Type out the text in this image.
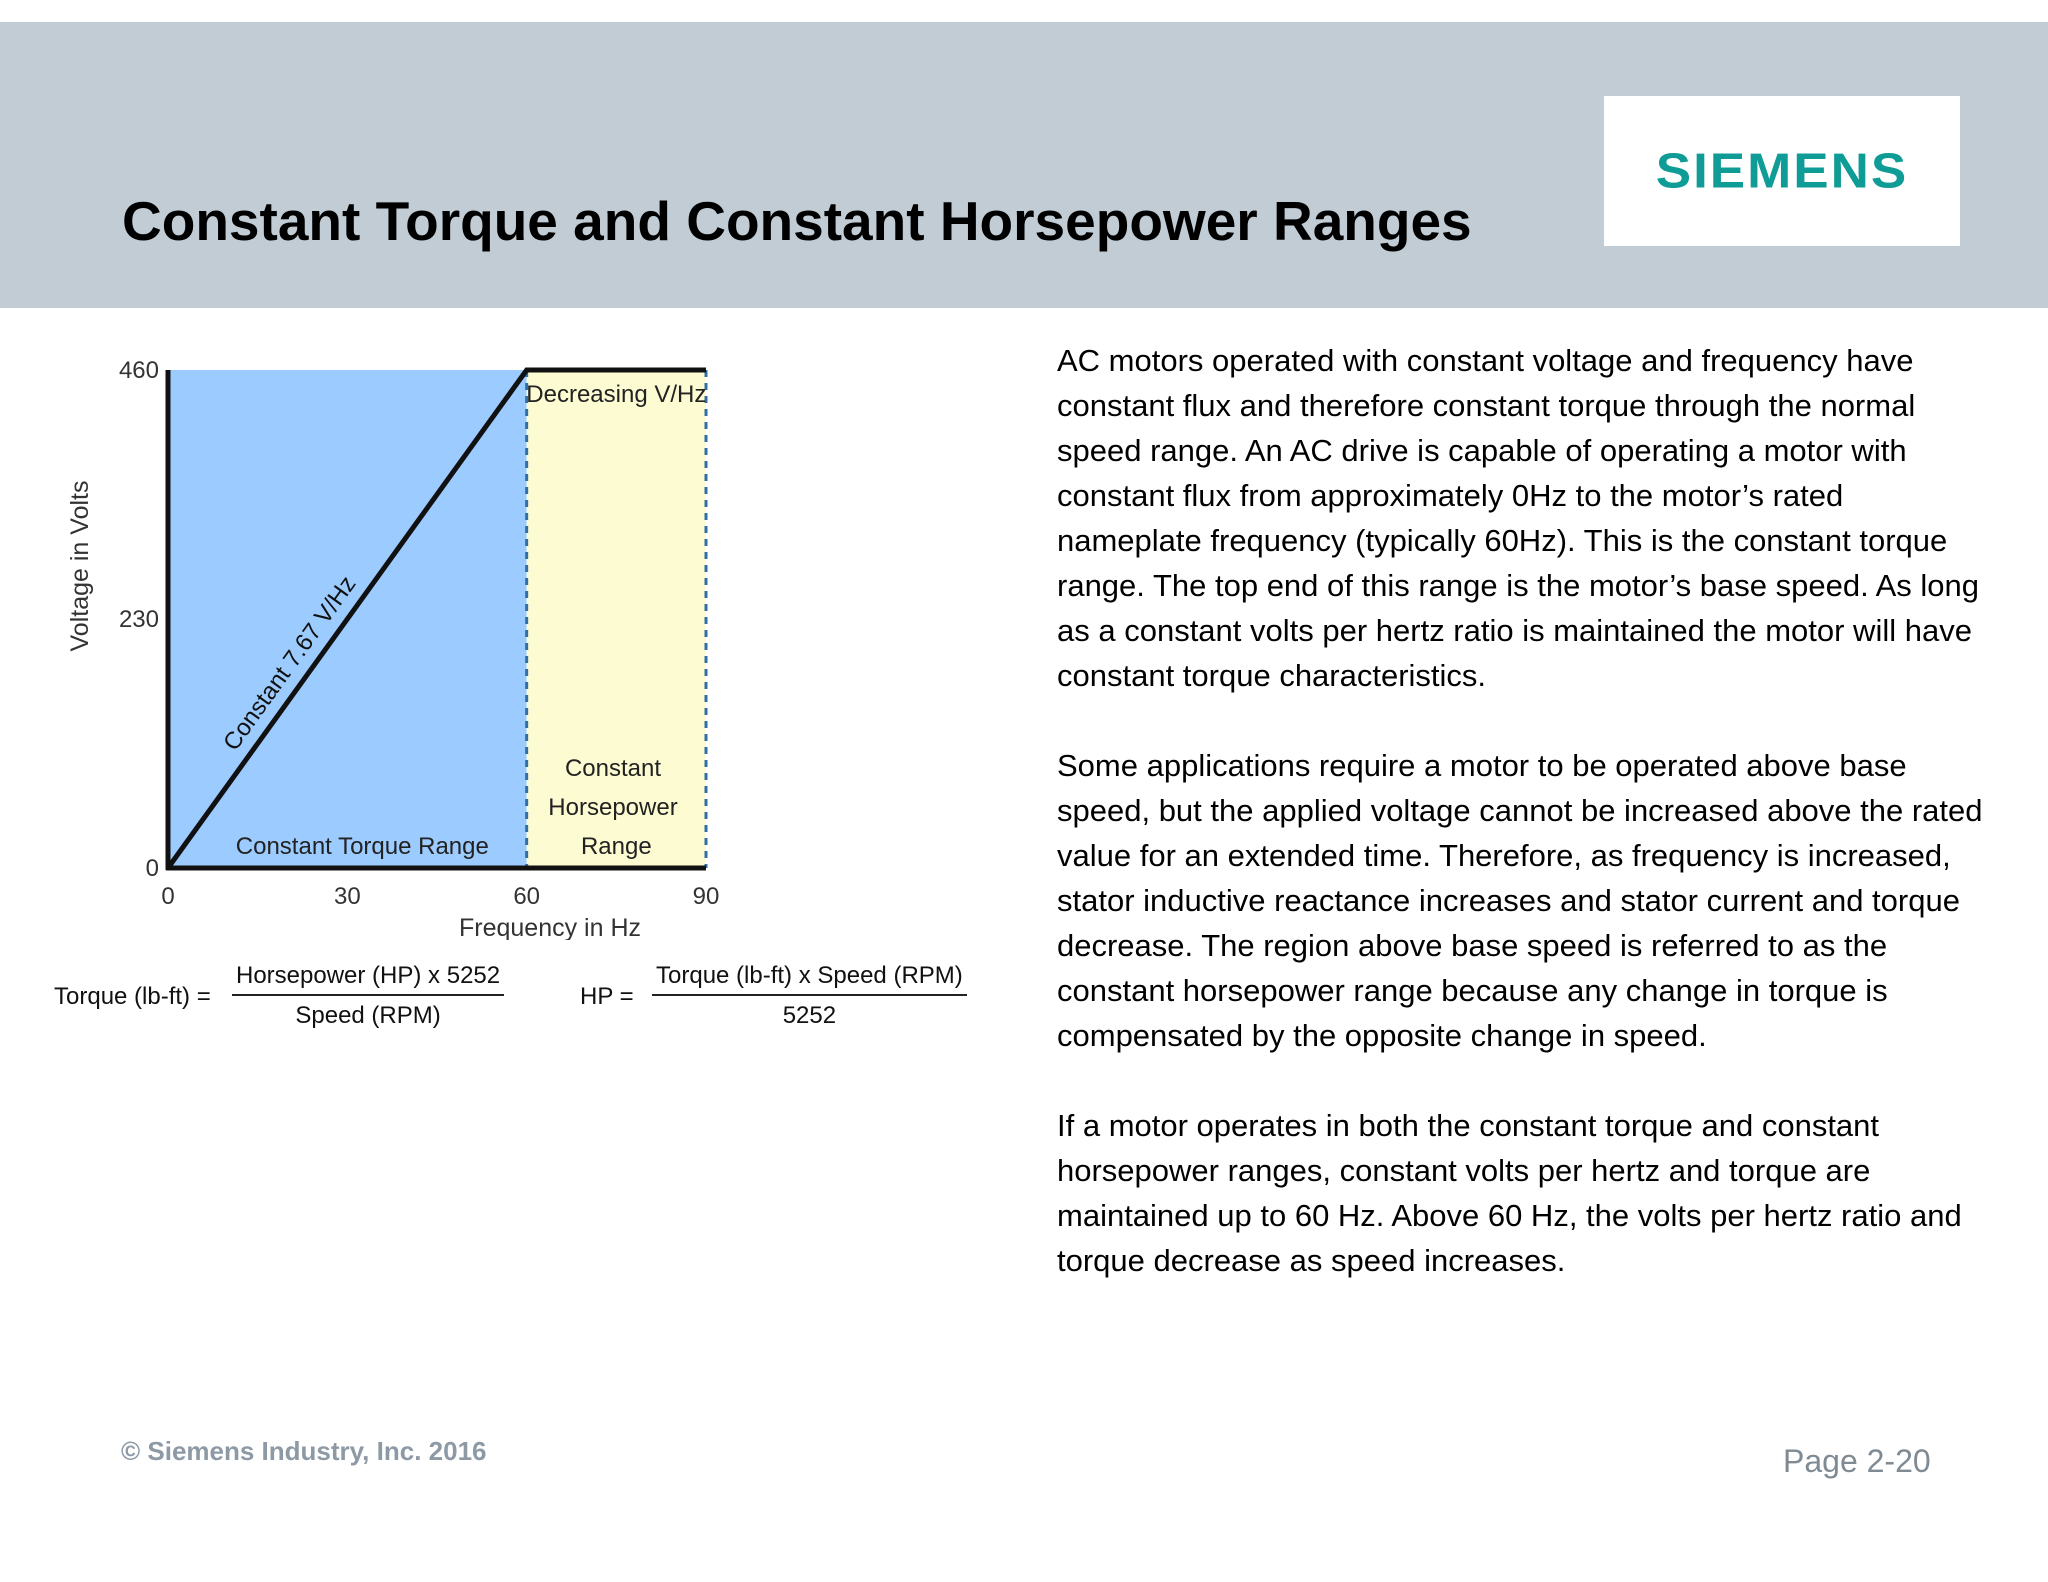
Constant Torque and Constant Horsepower Ranges
SIEMENS
0	30	60	90
0
230
460
Frequency in Hz
Voltage in Volts
Constant 7.67 V/Hz
Decreasing V/Hz
Constant Torque Range
Constant Horsepower Range
Torque (lb-ft) =
Horsepower (HP) x 5252
Speed (RPM)
HP =
Torque (lb-ft) x Speed (RPM)
5252

AC motors operated with constant voltage and frequency have constant flux and therefore constant torque through the normal speed range. An AC drive is capable of operating a motor with constant flux from approximately 0Hz to the motor’s rated nameplate frequency (typically 60Hz). This is the constant torque range. The top end of this range is the motor’s base speed. As long as a constant volts per hertz ratio is maintained the motor will have constant torque characteristics.

Some applications require a motor to be operated above base speed, but the applied voltage cannot be increased above the rated value for an extended time. Therefore, as frequency is increased, stator inductive reactance increases and stator current and torque decrease. The region above base speed is referred to as the constant horsepower range because any change in torque is compensated by the opposite change in speed.

If a motor operates in both the constant torque and constant horsepower ranges, constant volts per hertz and torque are maintained up to 60 Hz. Above 60 Hz, the volts per hertz ratio and torque decrease as speed increases.

© Siemens Industry, Inc. 2016	Page 2-20
